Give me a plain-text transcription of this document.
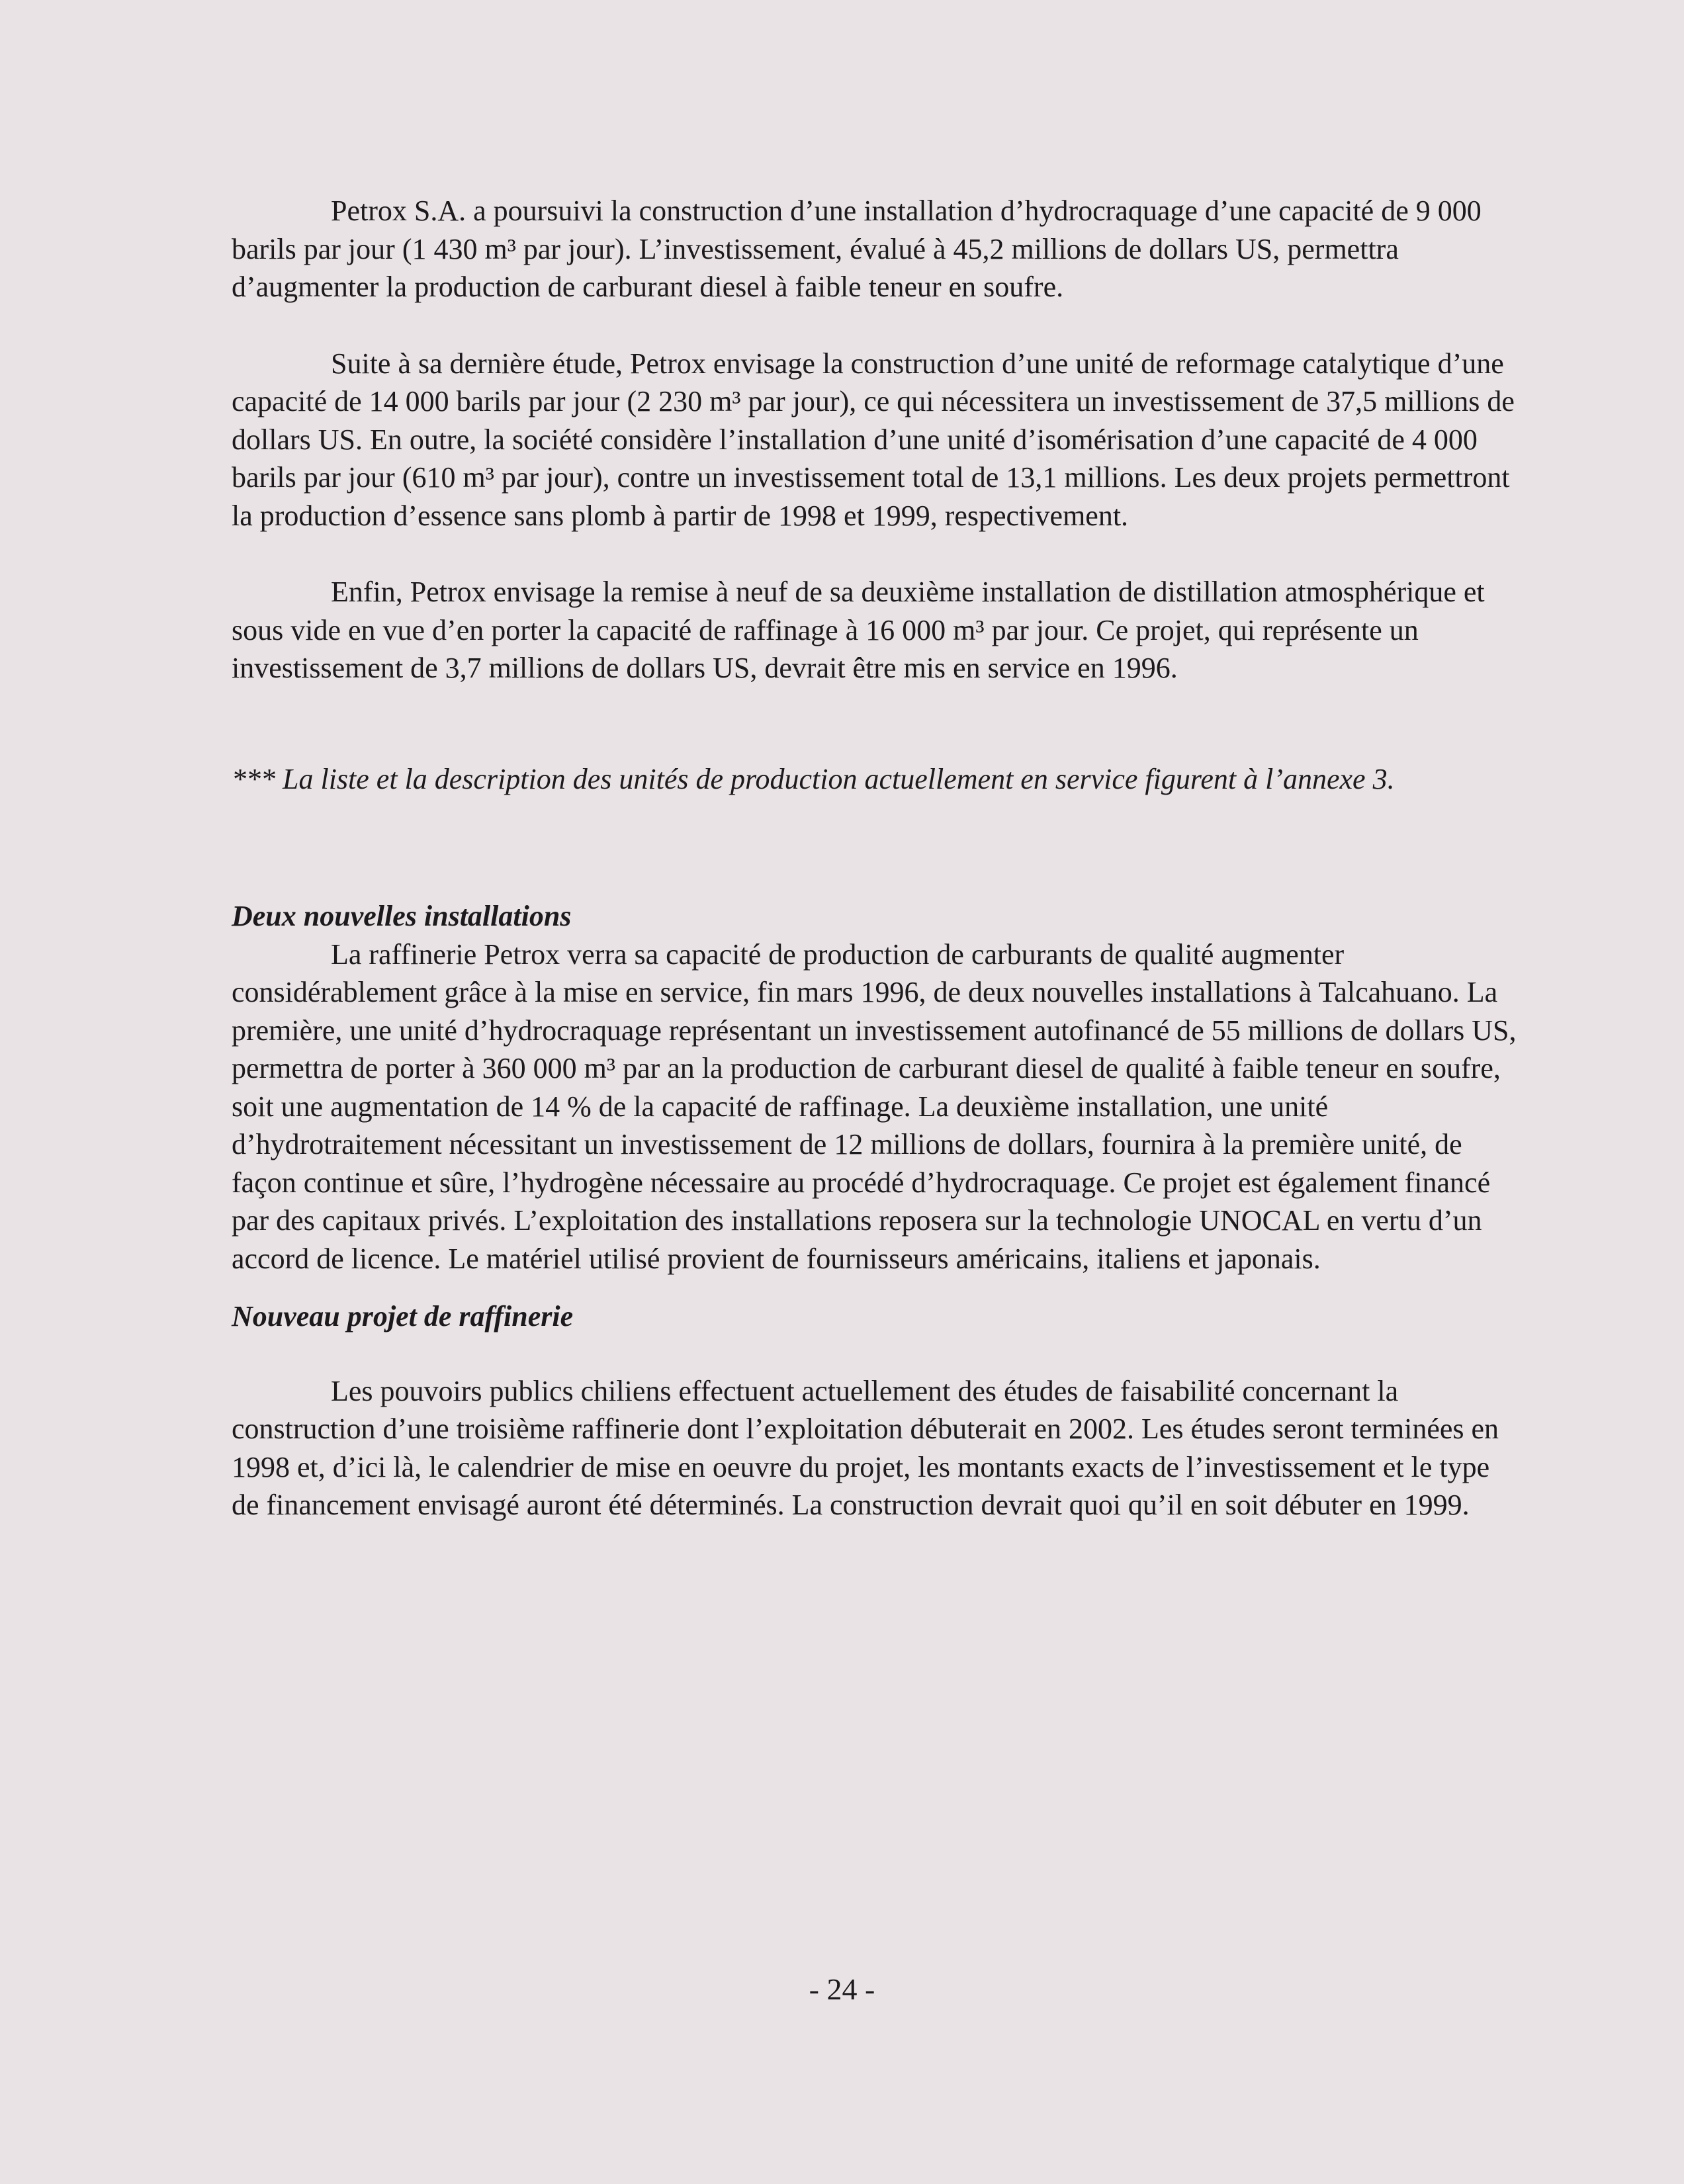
Petrox S.A. a poursuivi la construction d’une installation d’hydrocraquage d’une capacité de 9 000 barils par jour (1 430 m³ par jour). L’investissement, évalué à 45,2 millions de dollars US, permettra d’augmenter la production de carburant diesel à faible teneur en soufre.

Suite à sa dernière étude, Petrox envisage la construction d’une unité de reformage catalytique d’une capacité de 14 000 barils par jour (2 230 m³ par jour), ce qui nécessitera un investissement de 37,5 millions de dollars US. En outre, la société considère l’installation d’une unité d’isomérisation d’une capacité de 4 000 barils par jour (610 m³ par jour), contre un investissement total de 13,1 millions. Les deux projets permettront la production d’essence sans plomb à partir de 1998 et 1999, respectivement.

Enfin, Petrox envisage la remise à neuf de sa deuxième installation de distillation atmosphérique et sous vide en vue d’en porter la capacité de raffinage à 16 000 m³ par jour. Ce projet, qui représente un investissement de 3,7 millions de dollars US, devrait être mis en service en 1996.

*** La liste et la description des unités de production actuellement en service figurent à l’annexe 3.

Deux nouvelles installations

La raffinerie Petrox verra sa capacité de production de carburants de qualité augmenter considérablement grâce à la mise en service, fin mars 1996, de deux nouvelles installations à Talcahuano. La première, une unité d’hydrocraquage représentant un investissement autofinancé de 55 millions de dollars US, permettra de porter à 360 000 m³ par an la production de carburant diesel de qualité à faible teneur en soufre, soit une augmentation de 14 % de la capacité de raffinage. La deuxième installation, une unité d’hydrotraitement nécessitant un investissement de 12 millions de dollars, fournira à la première unité, de façon continue et sûre, l’hydrogène nécessaire au procédé d’hydrocraquage. Ce projet est également financé par des capitaux privés. L’exploitation des installations reposera sur la technologie UNOCAL en vertu d’un accord de licence. Le matériel utilisé provient de fournisseurs américains, italiens et japonais.

Nouveau projet de raffinerie

Les pouvoirs publics chiliens effectuent actuellement des études de faisabilité concernant la construction d’une troisième raffinerie dont l’exploitation débuterait en 2002. Les études seront terminées en 1998 et, d’ici là, le calendrier de mise en oeuvre du projet, les montants exacts de l’investissement et le type de financement envisagé auront été déterminés. La construction devrait quoi qu’il en soit débuter en 1999.

- 24 -
